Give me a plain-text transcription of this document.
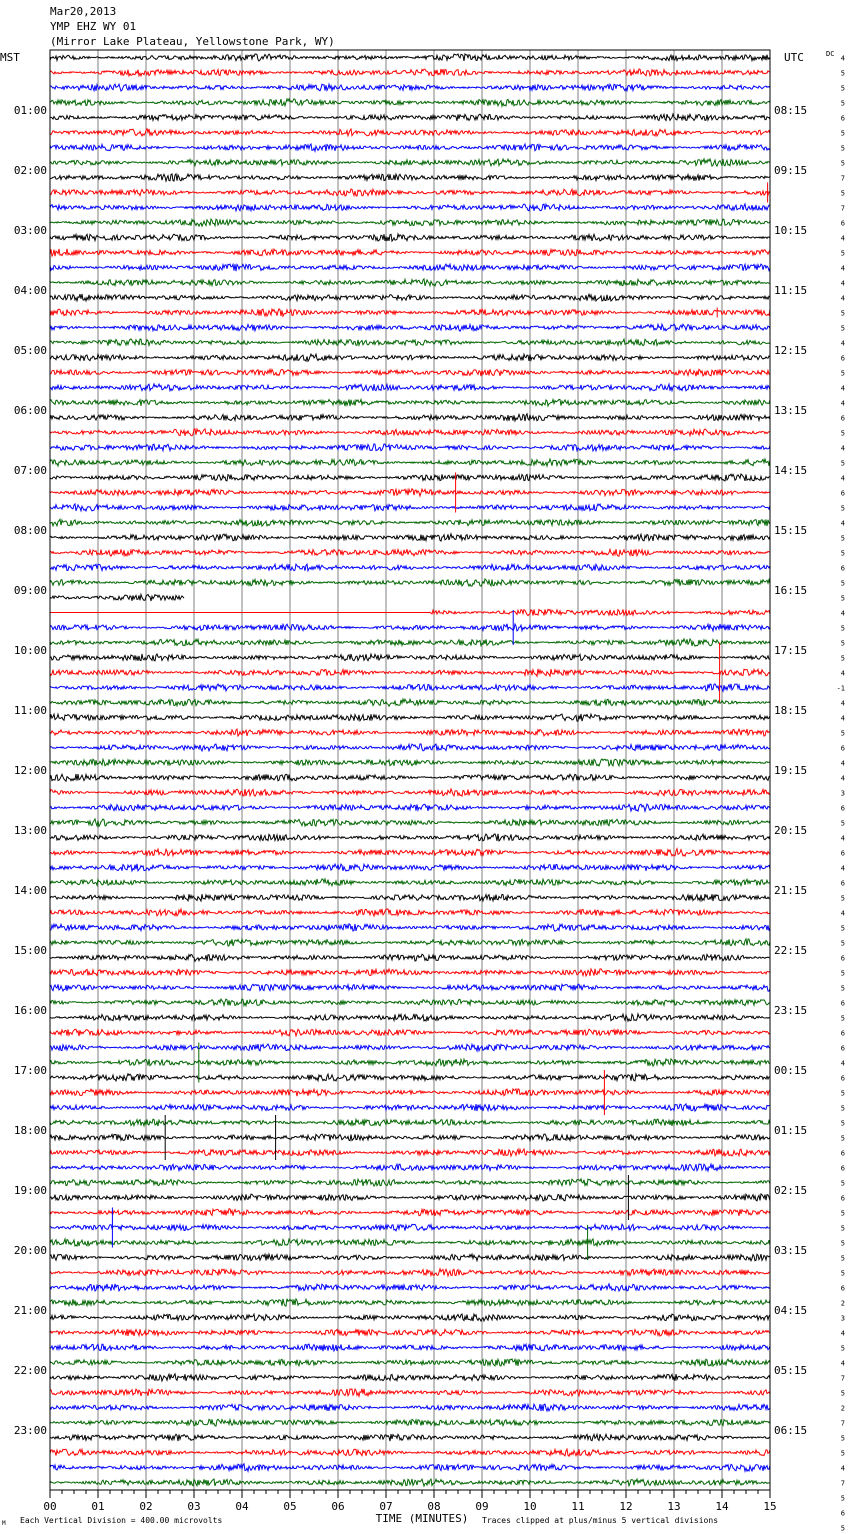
Mar20,2013
YMP EHZ WY 01
(Mirror Lake Plateau, Yellowstone Park, WY)
MST	UTC	DC
01:00
02:00
03:00
04:00
05:00
06:00
07:00
08:00
09:00
10:00
11:00
12:00
13:00
14:00
15:00
16:00
17:00
18:00
19:00
20:00
21:00
22:00
23:00
08:15
09:15
10:15
11:15
12:15
13:15
14:15
15:15
16:15
17:15
18:15
19:15
20:15
21:15
22:15
23:15
00:15
01:15
02:15
03:15
04:15
05:15
06:15
4
5
5
5
6
5
5
5
7
5
7
6
4
5
4
4
4
5
5
4
6
5
4
4
6
5
4
5
4
6
5
4
5
5
6
5
5
4
5
5
5
4
-1
4
4
5
6
4
4
3
6
5
4
6
4
6
5
4
5
5
6
5
5
6
5
6
6
4
6
5
5
5
5
6
6
5
6
5
5
5
5
5
6
2
3
4
5
4
7
5
2
7
5
5
4
7
5
6
5
00	01	02	03	04	05	06	07	08	09	10	11	12	13	14	15
TIME (MINUTES)
M Each Vertical Division = 400.00 microvolts	Traces clipped at plus/minus 5 vertical divisions
